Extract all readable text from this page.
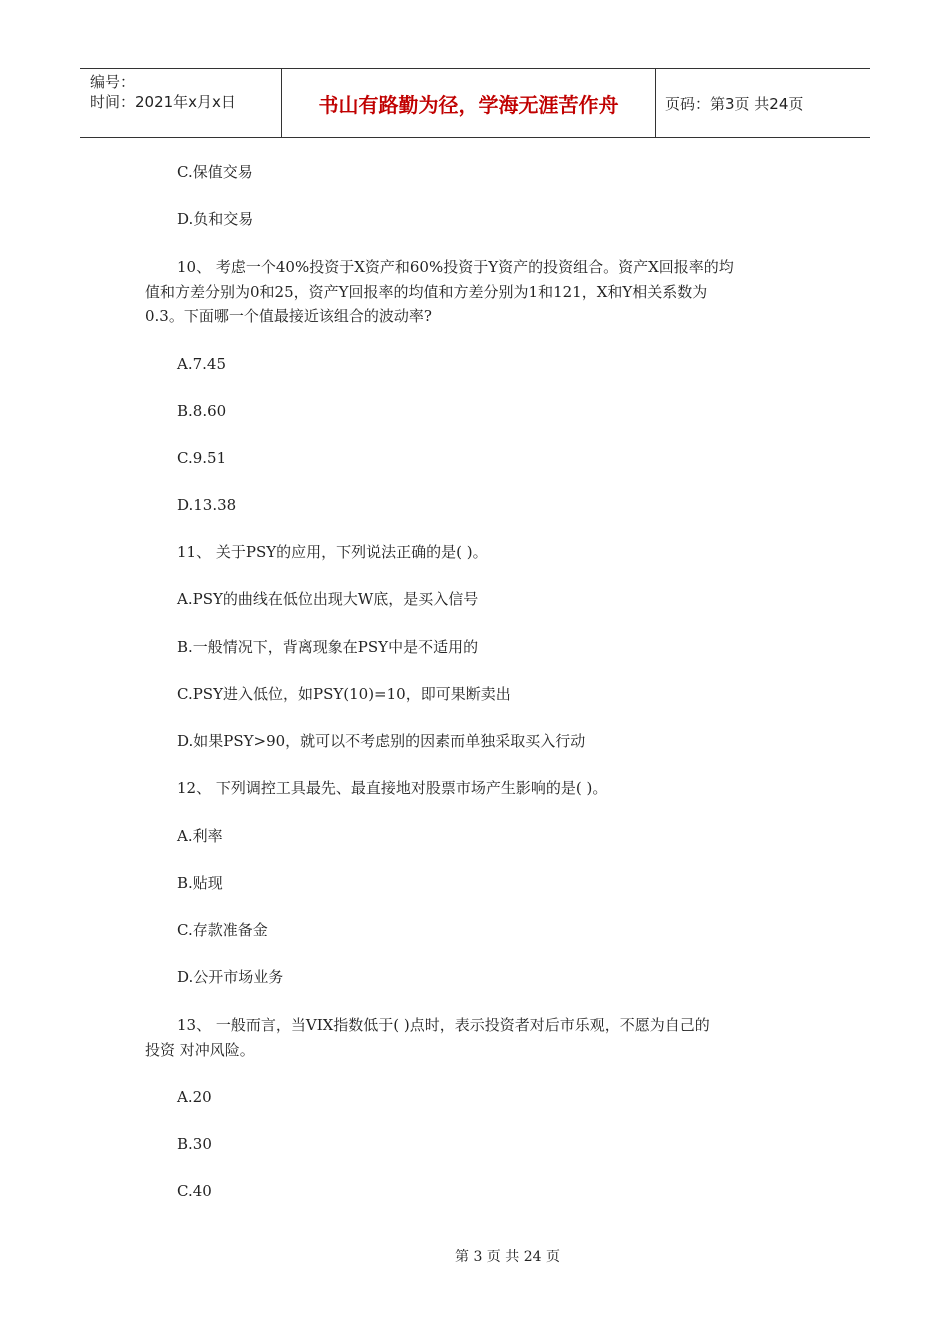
编号：
时间：2021年x月x日	书山有路勤为径，学海无涯苦作舟	页码：第3页 共24页
C.保值交易
D.负和交易
10、 考虑一个40%投资于X资产和60%投资于Y资产的投资组合。资产X回报率的均
值和方差分别为0和25，资产Y回报率的均值和方差分别为1和121，X和Y相关系数为
0.3。下面哪一个值最接近该组合的波动率?
A.7.45
B.8.60
C.9.51
D.13.38
11、 关于PSY的应用，下列说法正确的是( )。
A.PSY的曲线在低位出现大W底，是买入信号
B.一般情况下，背离现象在PSY中是不适用的
C.PSY进入低位，如PSY(10)=10，即可果断卖出
D.如果PSY>90，就可以不考虑别的因素而单独采取买入行动
12、 下列调控工具最先、最直接地对股票市场产生影响的是( )。
A.利率
B.贴现
C.存款准备金
D.公开市场业务
13、 一般而言，当VIX指数低于( )点时，表示投资者对后市乐观，不愿为自己的
投资 对冲风险。
A.20
B.30
C.40
第 3 页 共 24 页
